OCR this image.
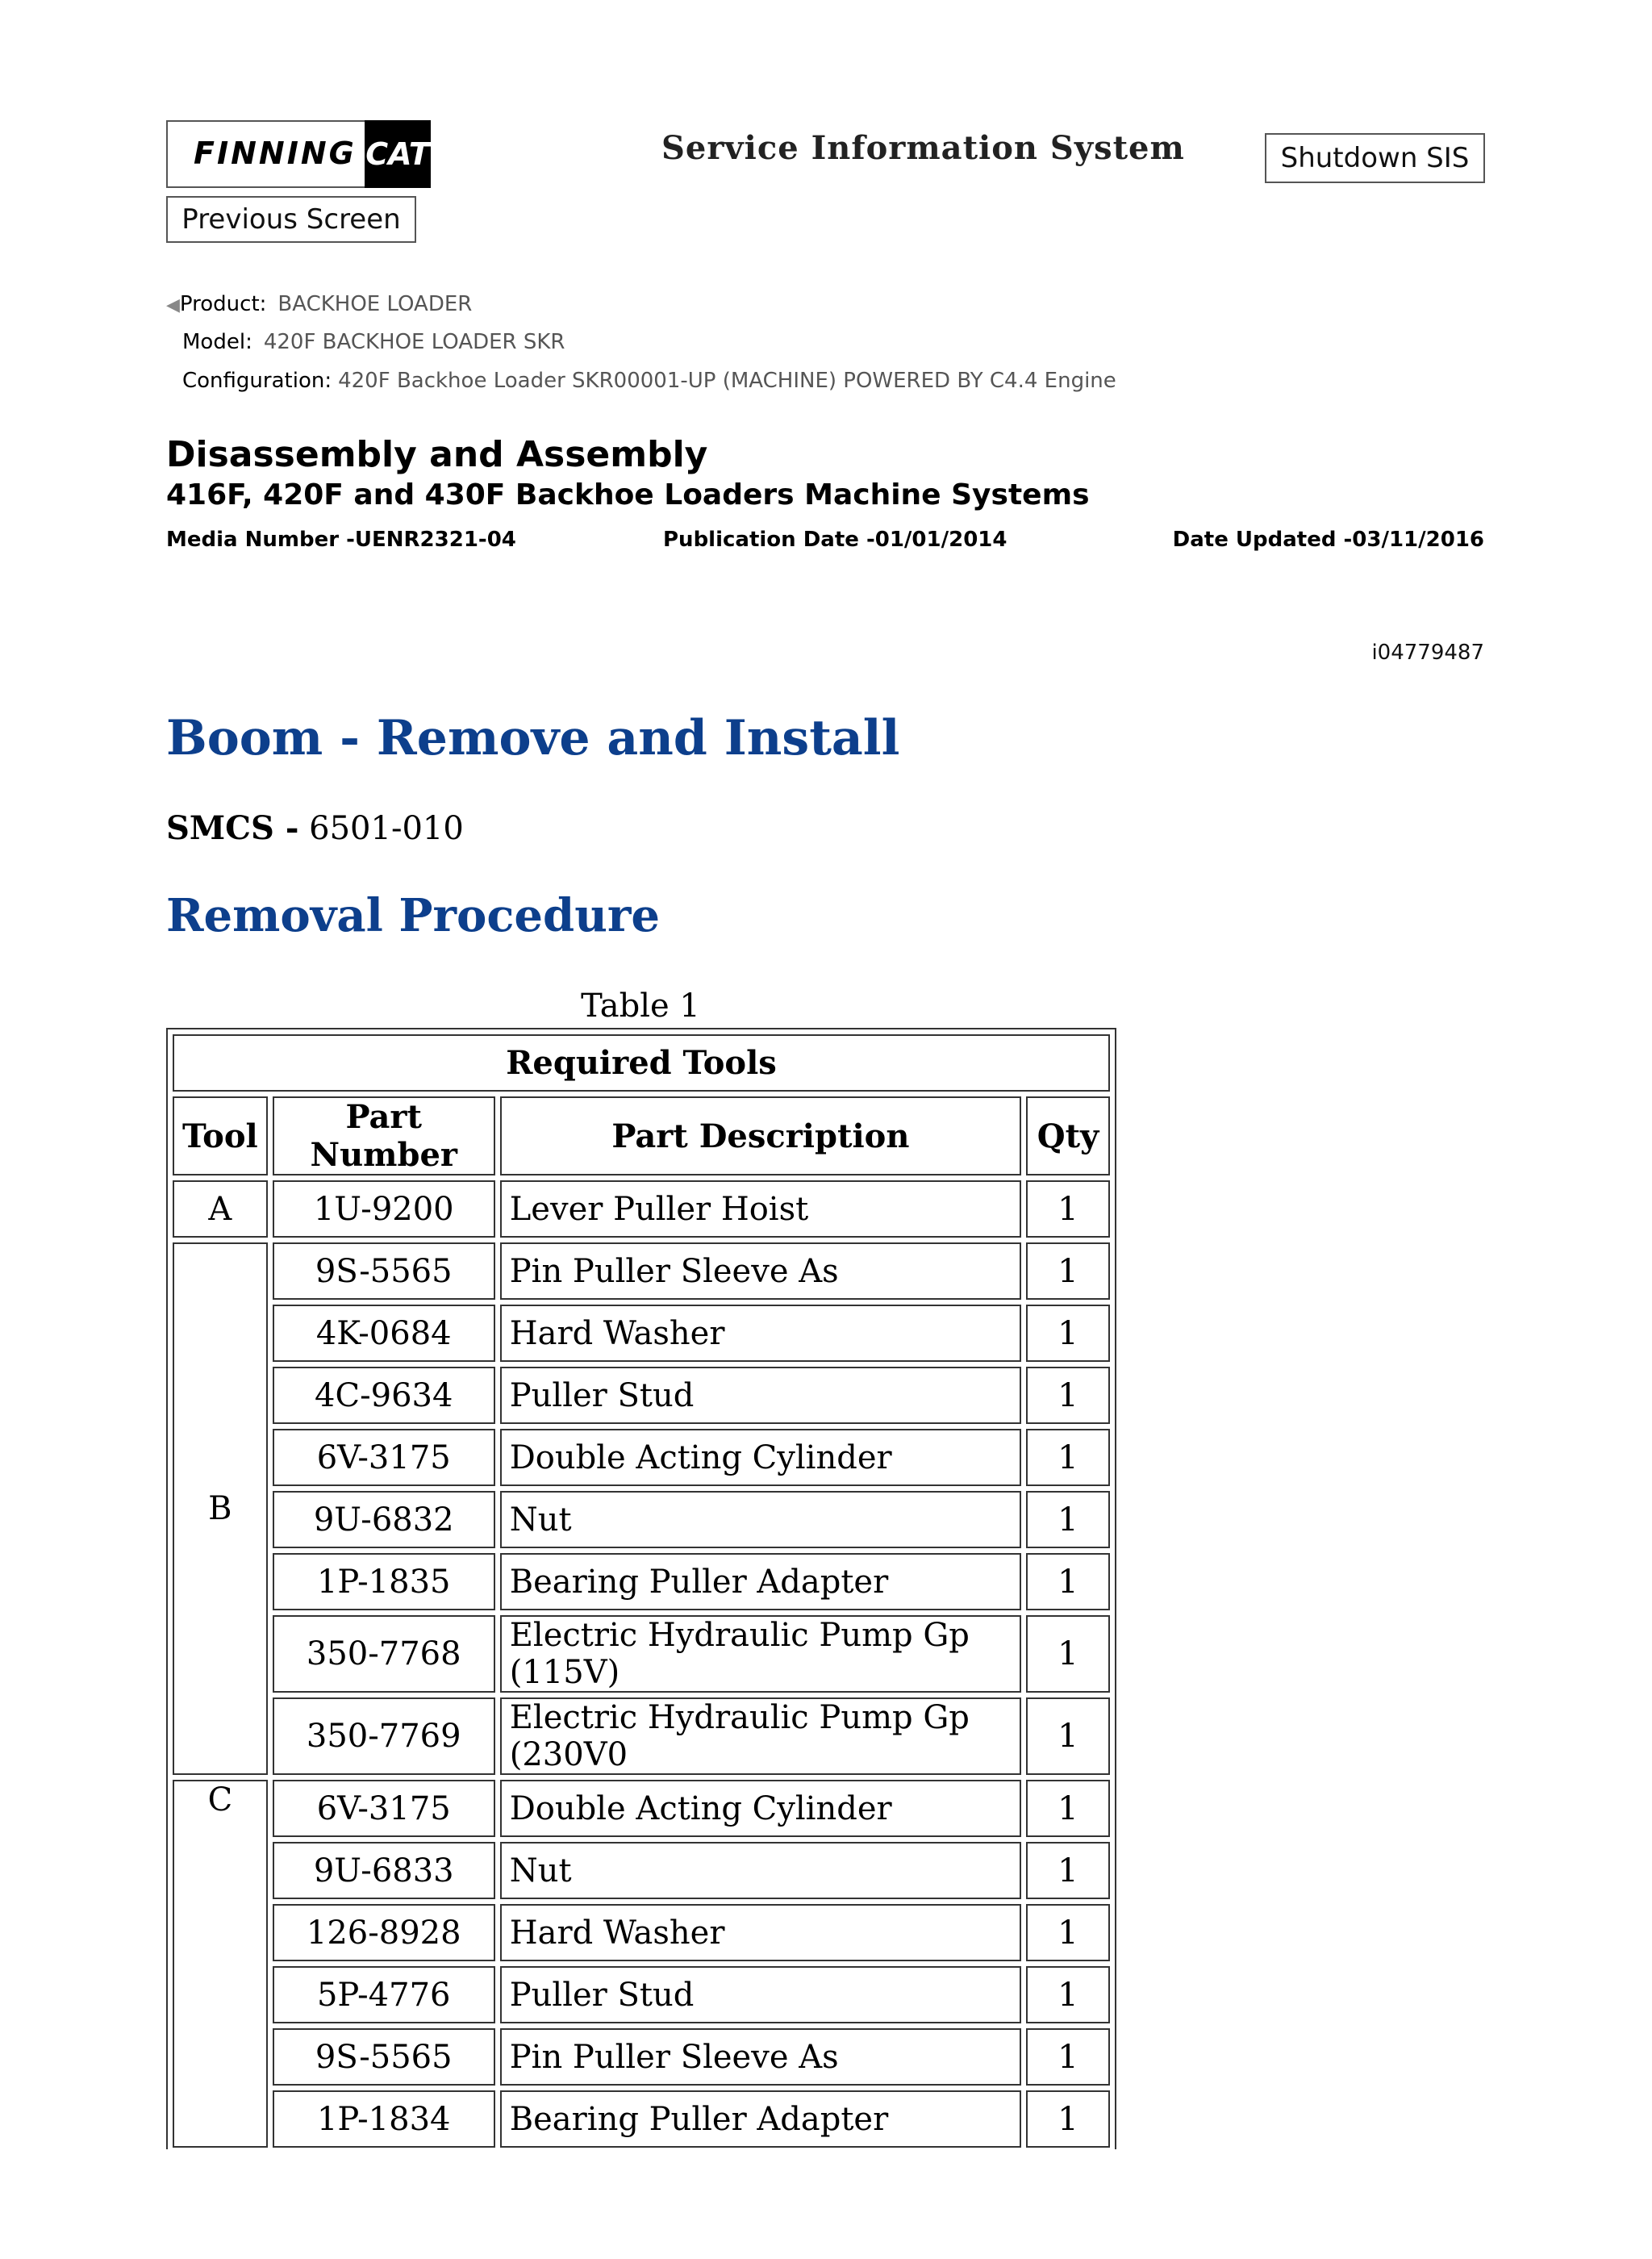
FINNING CAT	Service Information System	Shutdown SIS
Previous Screen
◀Product: BACKHOE LOADER
Model: 420F BACKHOE LOADER SKR
Configuration: 420F Backhoe Loader SKR00001-UP (MACHINE) POWERED BY C4.4 Engine
Disassembly and Assembly
416F, 420F and 430F Backhoe Loaders Machine Systems
Media Number -UENR2321-04	Publication Date -01/01/2014	Date Updated -03/11/2016
i04779487
Boom - Remove and Install
SMCS - 6501-010
Removal Procedure
Table 1
Required Tools			
Tool	Part Number	Part Description	Qty
A	1U-9200	Lever Puller Hoist	1
B	9S-5565	Pin Puller Sleeve As	1
	4K-0684	Hard Washer	1
	4C-9634	Puller Stud	1
	6V-3175	Double Acting Cylinder	1
	9U-6832	Nut	1
	1P-1835	Bearing Puller Adapter	1
	350-7768	Electric Hydraulic Pump Gp (115V)	1
	350-7769	Electric Hydraulic Pump Gp (230V0	1
C	6V-3175	Double Acting Cylinder	1
	9U-6833	Nut	1
	126-8928	Hard Washer	1
	5P-4776	Puller Stud	1
	9S-5565	Pin Puller Sleeve As	1
	1P-1834	Bearing Puller Adapter	1
